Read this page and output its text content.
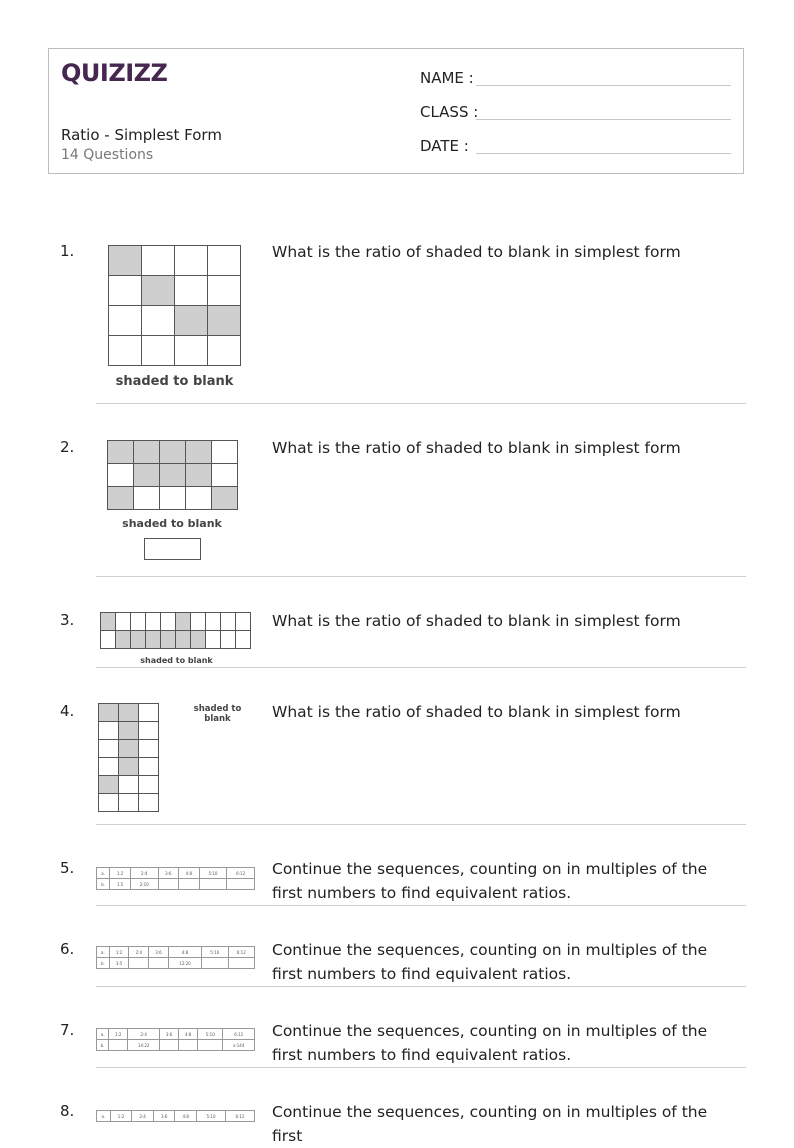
QUIZIZZ
Ratio - Simplest Form
14 Questions
NAME :
CLASS :
DATE :
1.

shaded to blank
What is the ratio of shaded to blank in simplest form
2.

shaded to blank
What is the ratio of shaded to blank in simplest form
3.

shaded to blank
What is the ratio of shaded to blank in simplest form
4.

			shaded to blank	What is the ratio of shaded to blank in simplest form
5.	a.	1:2	2:4	3:6	4:8	5:10	6:12
b.	1:5	2:10				
Continue the sequences, counting on in multiples of the first numbers to find equivalent ratios.
6.	a.	1:2	2:4	3:6	4:8	5:10	6:12
b.	3:5			12:20		
Continue the sequences, counting on in multiples of the first numbers to find equivalent ratios.
7.	a.	1:2	2:4	3:6	4:8	5:10	6:12
b.		14:22				x:144
Continue the sequences, counting on in multiples of the first numbers to find equivalent ratios.
8.	a.	1:2	2:4	3:6	4:8	5:10	6:12 Continue the sequences, counting on in multiples of the first
